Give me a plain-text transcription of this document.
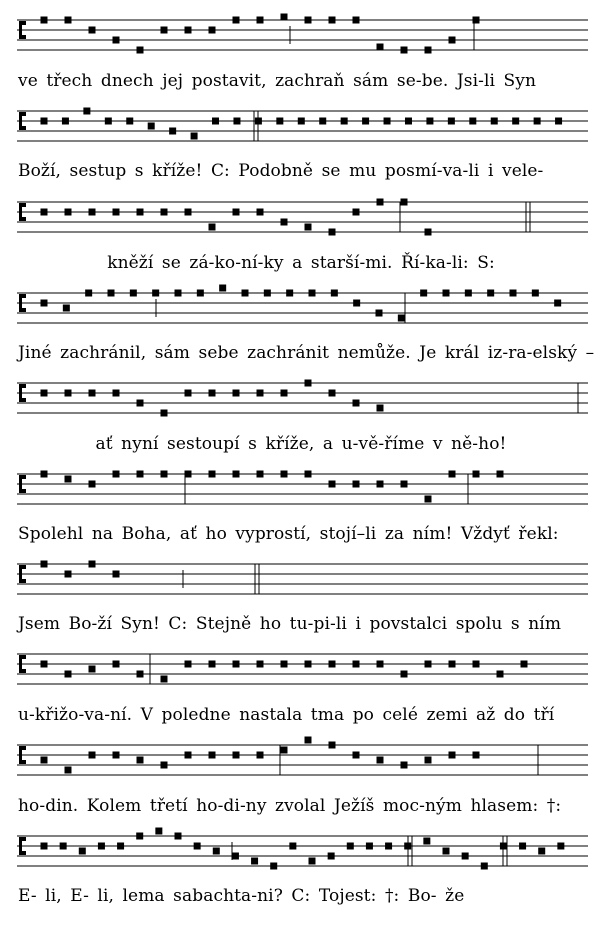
ve třech dnech jej postavit, zachraň sám se-be. Jsi-li Syn

Boží, sestup s kříže! C: Podobně se mu posmí-va-li i vele-

kněží se zá-ko-ní-ky a starší-mi. Ří-ka-li: S:

Jiné zachránil, sám sebe zachránit nemůže. Je král iz-ra-elský –

ať nyní sestoupí s kříže, a u-vě-říme v ně-ho!

Spolehl na Boha, ať ho vyprostí, stojí–li za ním! Vždyť řekl:

Jsem Bo-ží Syn! C: Stejně ho tu-pi-li i povstalci spolu s ním

u-křižo-va-ní. V poledne nastala tma po celé zemi až do tří

ho-din. Kolem třetí ho-di-ny zvolal Ježíš moc-ným hlasem: †:

E- li, E- li, lema sabachta-ni? C: Tojest: †: Bo- že
